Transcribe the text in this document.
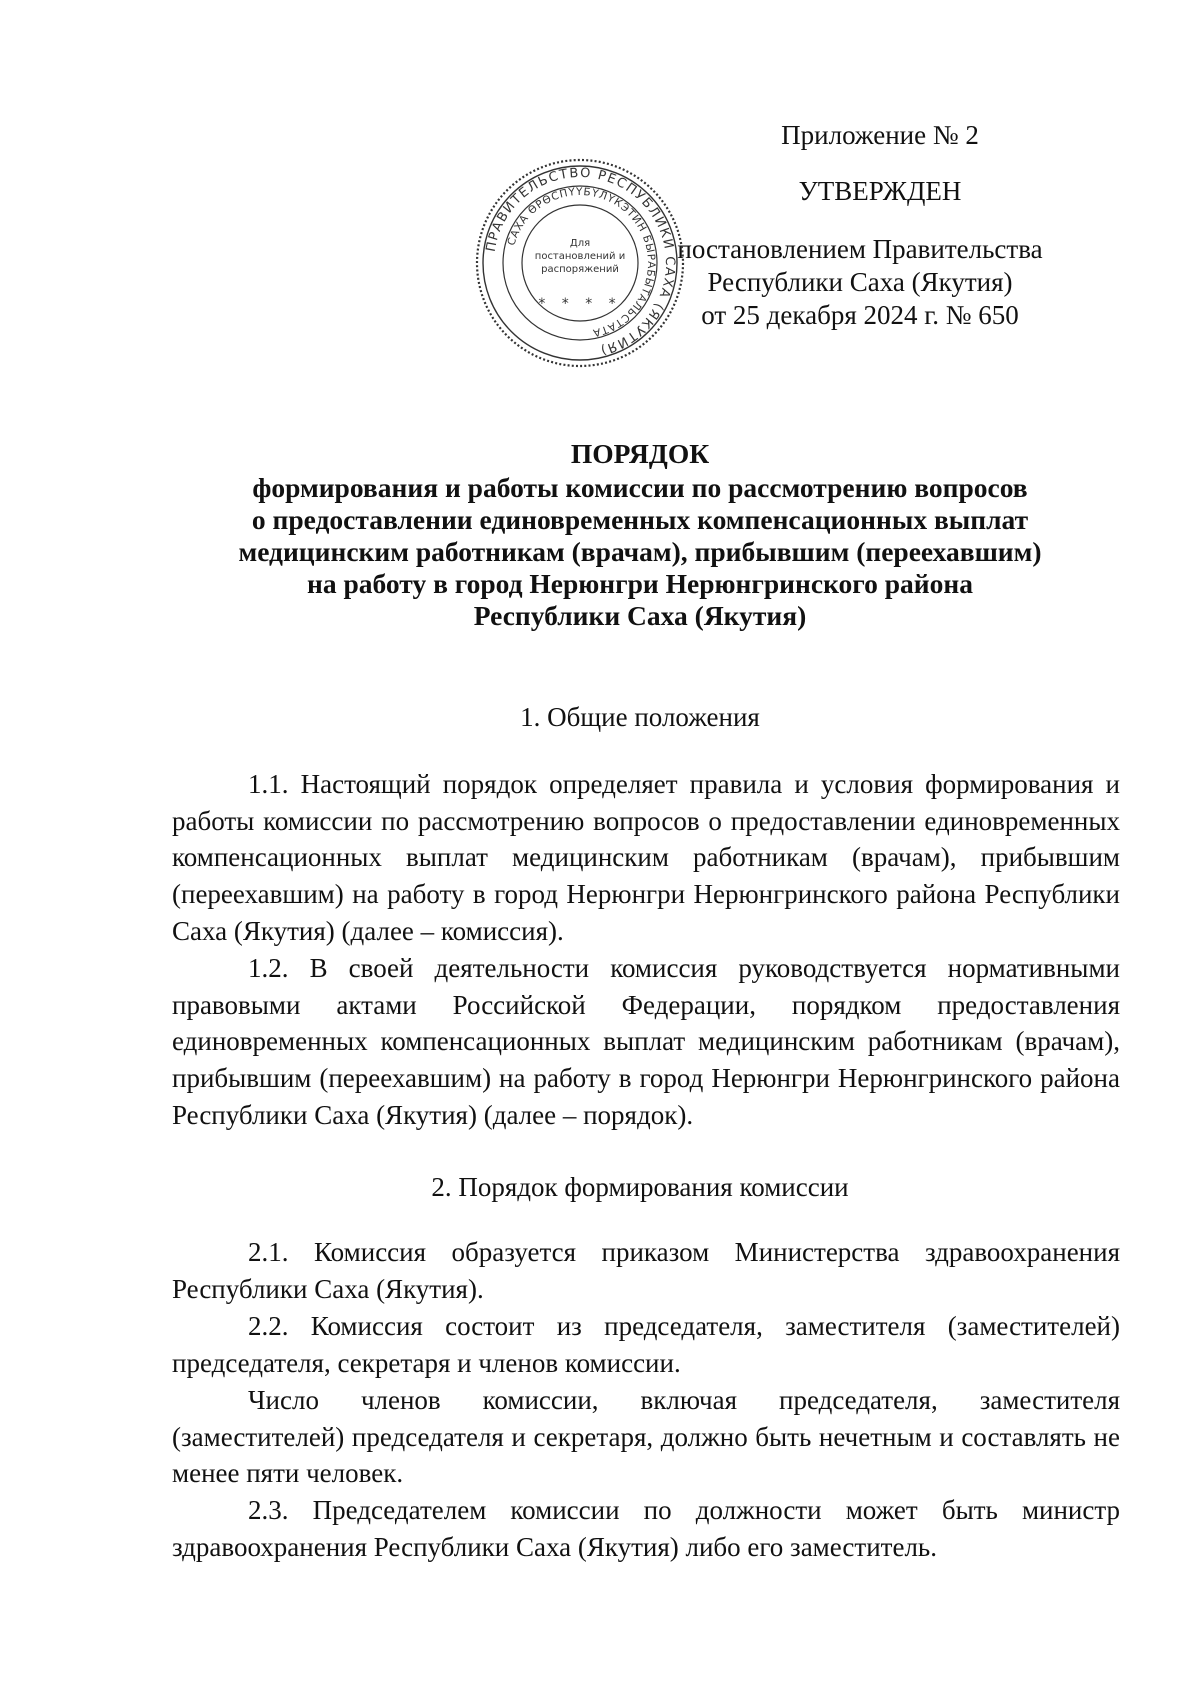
Приложение № 2
УТВЕРЖДЕН
постановлением Правительства
Республики Саха (Якутия)
от 25 декабря 2024 г. № 650
ПРАВИТЕЛЬСТВО РЕСПУБЛИКИ САХА (ЯКУТИЯ)
САХА ӨРӨСПҮҮБҮЛҮКЭТИН БЫРАБЫТАЛЬСТАТА
Для
постановлений и
распоряжений
* * * *
ПОРЯДОК
формирования и работы комиссии по рассмотрению вопросов
о предоставлении единовременных компенсационных выплат
медицинским работникам (врачам), прибывшим (переехавшим)
на работу в город Нерюнгри Нерюнгринского района
Республики Саха (Якутия)
1. Общие положения

1.1. Настоящий порядок определяет правила и условия формирования и работы комиссии по рассмотрению вопросов о предоставлении единовременных компенсационных выплат медицинским работникам (врачам), прибывшим (переехавшим) на работу в город Нерюнгри Нерюнгринского района Республики Саха (Якутия) (далее – комиссия).

1.2. В своей деятельности комиссия руководствуется нормативными правовыми актами Российской Федерации, порядком предоставления единовременных компенсационных выплат медицинским работникам (врачам), прибывшим (переехавшим) на работу в город Нерюнгри Нерюнгринского района Республики Саха (Якутия) (далее – порядок).

2. Порядок формирования комиссии

2.1. Комиссия образуется приказом Министерства здравоохранения Республики Саха (Якутия).

2.2. Комиссия состоит из председателя, заместителя (заместителей) председателя, секретаря и членов комиссии.

Число членов комиссии, включая председателя, заместителя (заместителей) председателя и секретаря, должно быть нечетным и составлять не менее пяти человек.

2.3. Председателем комиссии по должности может быть министр здравоохранения Республики Саха (Якутия) либо его заместитель.
